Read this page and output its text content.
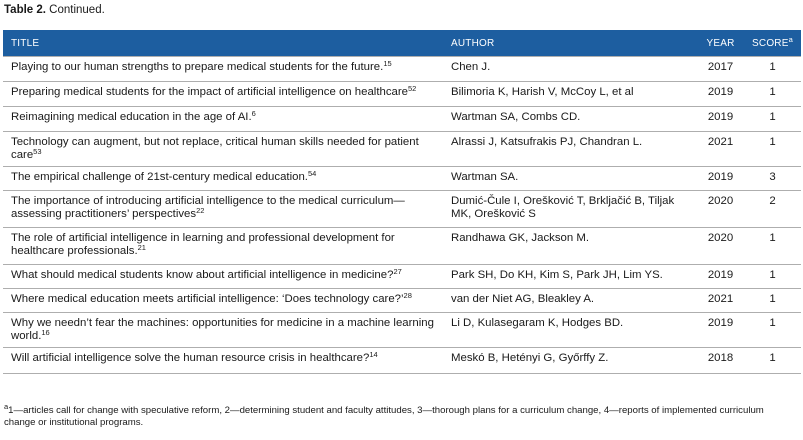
Table 2. Continued.
TITLE	AUTHOR	YEAR	SCORE$^a$
Playing to our human strengths to prepare medical students for the future.$^{15}$	Chen J.	2017	1
Preparing medical students for the impact of artificial intelligence on healthcare$^{52}$	Bilimoria K, Harish V, McCoy L, et al	2019	1
Reimagining medical education in the age of AI.$^6$	Wartman SA, Combs CD.	2019	1
Technology can augment, but not replace, critical human skills needed for patient care$^{53}$	Alrassi J, Katsufrakis PJ, Chandran L.	2021	1
The empirical challenge of 21st-century medical education.$^{54}$	Wartman SA.	2019	3
The importance of introducing artificial intelligence to the medical curriculum—assessing practitioners’ perspectives$^{22}$	Dumić-Čule I, Orešković T, Brkljačić B, Tiljak MK, Orešković S	2020	2
The role of artificial intelligence in learning and professional development for healthcare professionals.$^{21}$	Randhawa GK, Jackson M.	2020	1
What should medical students know about artificial intelligence in medicine?$^{27}$	Park SH, Do KH, Kim S, Park JH, Lim YS.	2019	1
Where medical education meets artificial intelligence: ‘Does technology care?’$^{28}$	van der Niet AG, Bleakley A.	2021	1
Why we needn’t fear the machines: opportunities for medicine in a machine learning world.$^{16}$	Li D, Kulasegaram K, Hodges BD.	2019	1
Will artificial intelligence solve the human resource crisis in healthcare?$^{14}$	Meskó B, Hetényi G, Győrffy Z.	2018	1
$^a$1—articles call for change with speculative reform, 2—determining student and faculty attitudes, 3—thorough plans for a curriculum change, 4—reports of implemented curriculum change or institutional programs.
